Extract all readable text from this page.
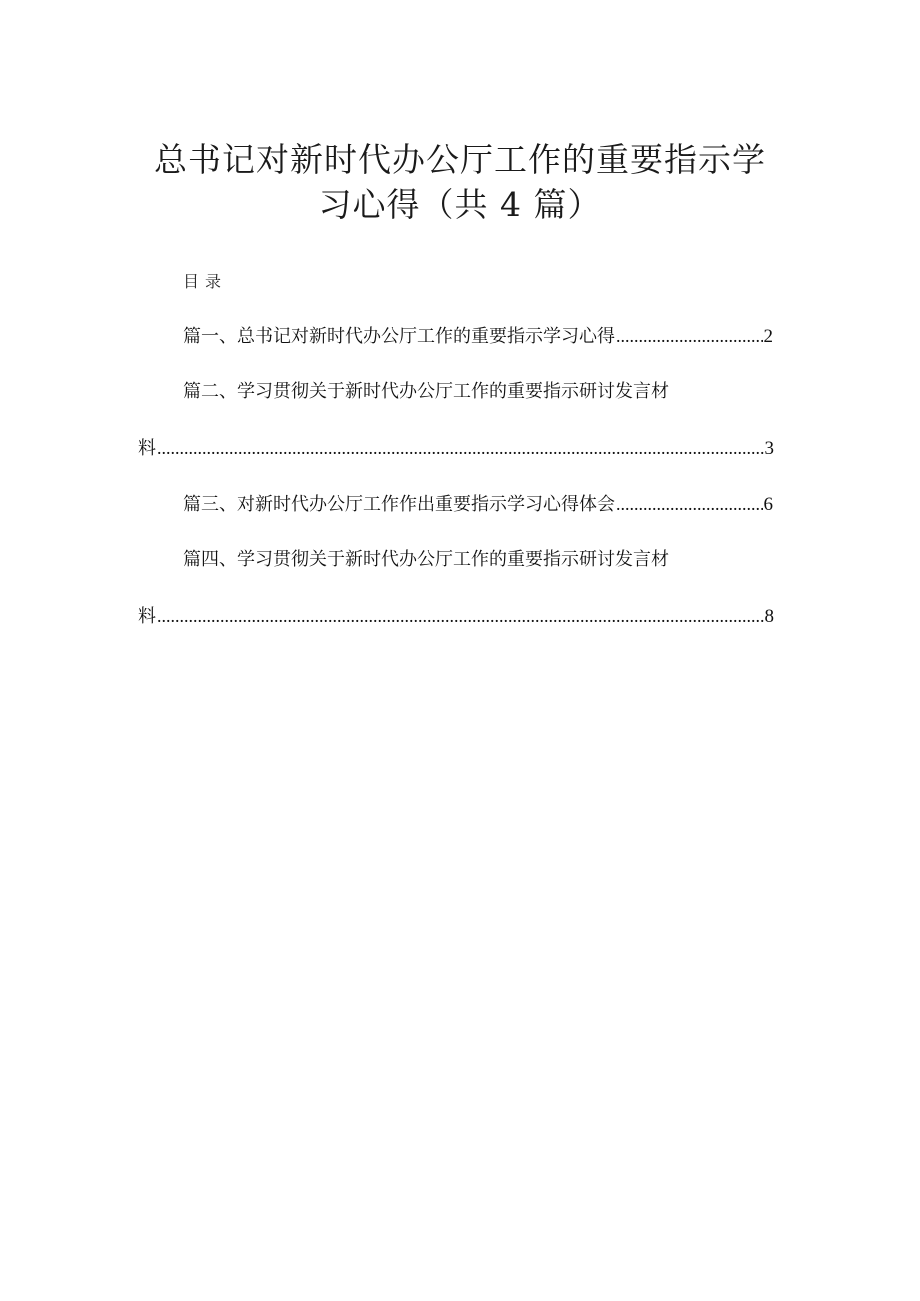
总书记对新时代办公厅工作的重要指示学
习心得（共 4 篇）
目录
篇一、总书记对新时代办公厅工作的重要指示学习心得 .....	2
篇二、学习贯彻关于新时代办公厅工作的重要指示研讨发言材
料 .....	3
篇三、对新时代办公厅工作作出重要指示学习心得体会 .....	6
篇四、学习贯彻关于新时代办公厅工作的重要指示研讨发言材
料 .....	8
